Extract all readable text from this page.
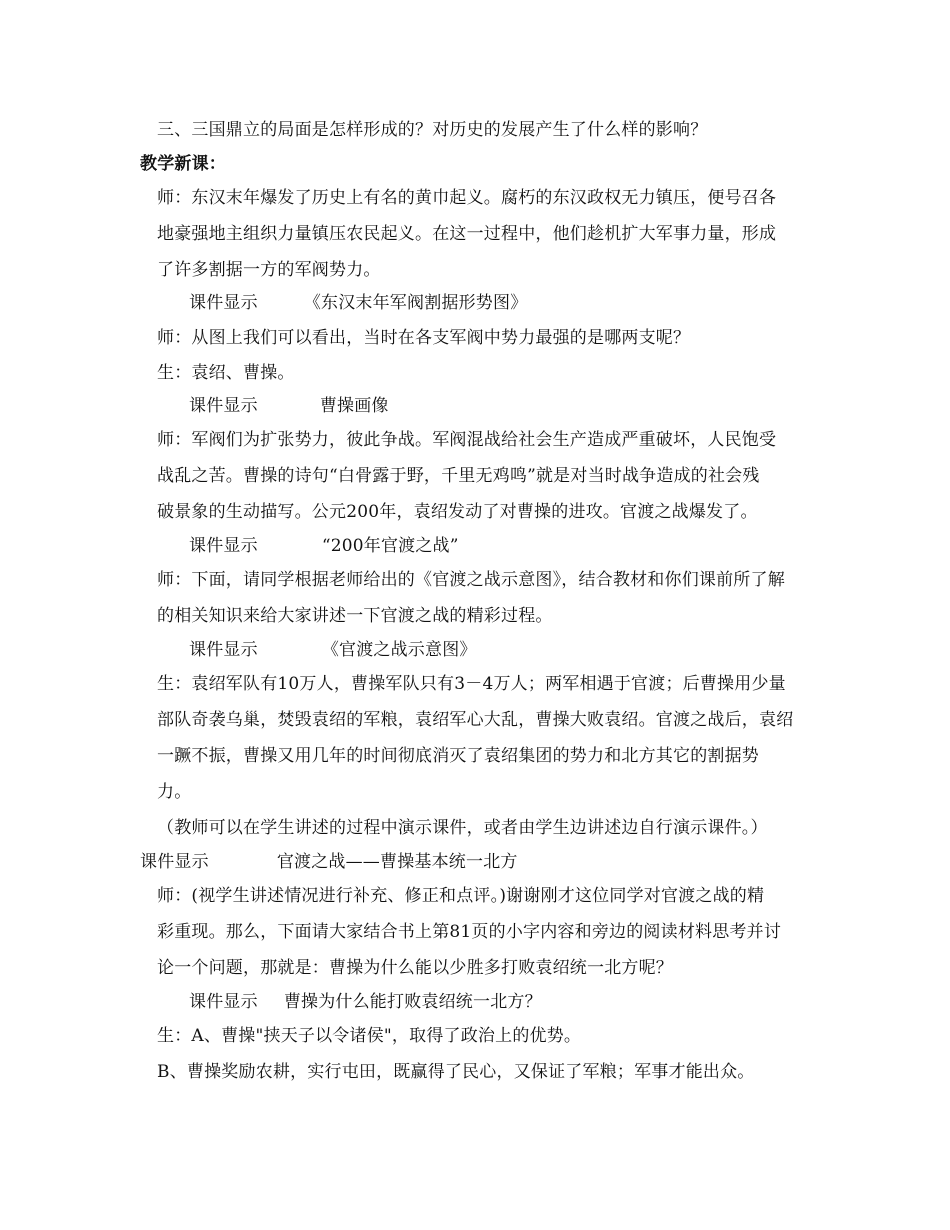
三、三国鼎立的局面是怎样形成的？对历史的发展产生了什么样的影响？
教学新课：
师：东汉末年爆发了历史上有名的黄巾起义。腐朽的东汉政权无力镇压，便号召各
地豪强地主组织力量镇压农民起义。在这一过程中，他们趁机扩大军事力量，形成
了许多割据一方的军阀势力。
课件显示	《东汉末年军阀割据形势图》
师：从图上我们可以看出，当时在各支军阀中势力最强的是哪两支呢？
生：袁绍、曹操。
课件显示	曹操画像
师：军阀们为扩张势力，彼此争战。军阀混战给社会生产造成严重破坏，人民饱受
战乱之苦。曹操的诗句“白骨露于野，千里无鸡鸣”就是对当时战争造成的社会残
破景象的生动描写。公元200年，袁绍发动了对曹操的进攻。官渡之战爆发了。
课件显示	“200年官渡之战”
师：下面，请同学根据老师给出的《官渡之战示意图》，结合教材和你们课前所了解
的相关知识来给大家讲述一下官渡之战的精彩过程。
课件显示	《官渡之战示意图》
生：袁绍军队有10万人，曹操军队只有3－4万人；两军相遇于官渡；后曹操用少量
部队奇袭乌巢，焚毁袁绍的军粮，袁绍军心大乱，曹操大败袁绍。官渡之战后，袁绍
一蹶不振，曹操又用几年的时间彻底消灭了袁绍集团的势力和北方其它的割据势
力。
（教师可以在学生讲述的过程中演示课件，或者由学生边讲述边自行演示课件。）
课件显示	官渡之战——曹操基本统一北方
师：(视学生讲述情况进行补充、修正和点评。)谢谢刚才这位同学对官渡之战的精
彩重现。那么，下面请大家结合书上第81页的小字内容和旁边的阅读材料思考并讨
论一个问题，那就是：曹操为什么能以少胜多打败袁绍统一北方呢？
课件显示 曹操为什么能打败袁绍统一北方？
生：A、曹操"挟天子以令诸侯"，取得了政治上的优势。
B、曹操奖励农耕，实行屯田，既赢得了民心，又保证了军粮；军事才能出众。
